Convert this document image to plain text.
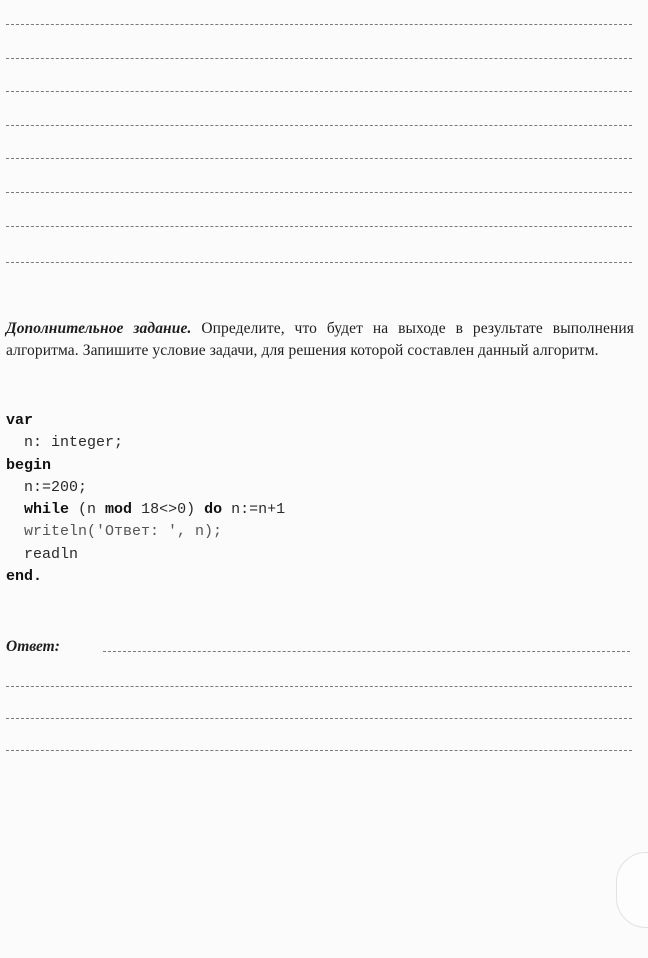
Дополнительное задание. Определите, что будет на выходе в результате выполнения алгоритма. Запишите условие задачи, для решения которой составлен данный алгоритм.
var
n: integer;
begin
n:=200;
while (n mod 18<>0) do n:=n+1
writeln('Ответ: ', n);
readln
end.
Ответ:
